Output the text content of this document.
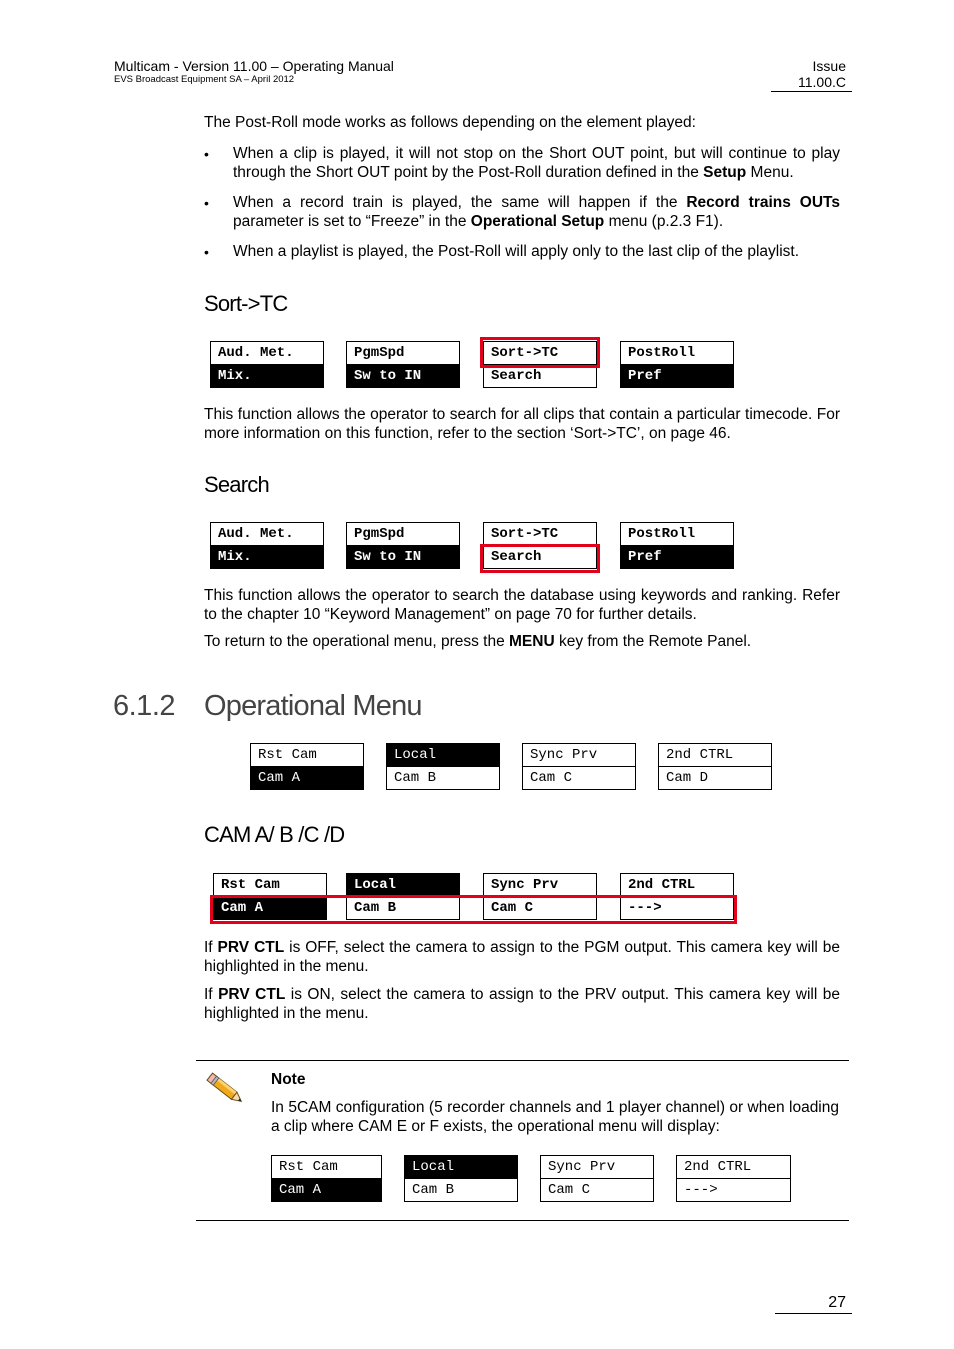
Multicam - Version 11.00 – Operating Manual
EVS Broadcast Equipment SA – April 2012
Issue
11.00.C
The Post-Roll mode works as follows depending on the element played:
• When a clip is played, it will not stop on the Short OUT point, but will continue to play through the Short OUT point by the Post-Roll duration defined in the Setup Menu.
• When a record train is played, the same will happen if the Record trains OUTs parameter is set to “Freeze” in the Operational Setup menu (p.2.3 F1).
• When a playlist is played, the Post-Roll will apply only to the last clip of the playlist.
Sort->TC
Aud. Met.
Mix.
PgmSpd
Sw to IN
Sort->TC
Search
PostRoll
Pref
This function allows the operator to search for all clips that contain a particular timecode. For more information on this function, refer to the section ‘Sort->TC’, on page 46.
Search
Aud. Met.
Mix.
PgmSpd
Sw to IN
Sort->TC
Search
PostRoll
Pref
This function allows the operator to search the database using keywords and ranking. Refer to the chapter 10 “Keyword Management” on page 70 for further details.
To return to the operational menu, press the MENU key from the Remote Panel.
6.1.2 Operational Menu
Rst Cam
Cam A
Local
Cam B
Sync Prv
Cam C
2nd CTRL
Cam D
CAM A/ B /C /D
Rst Cam
Cam A
Local
Cam B
Sync Prv
Cam C
2nd CTRL
--->
If PRV CTL is OFF, select the camera to assign to the PGM output. This camera key will be highlighted in the menu.
If PRV CTL is ON, select the camera to assign to the PRV output. This camera key will be highlighted in the menu.
Note
In 5CAM configuration (5 recorder channels and 1 player channel) or when loading a clip where CAM E or F exists, the operational menu will display:
Rst Cam
Cam A
Local
Cam B
Sync Prv
Cam C
2nd CTRL
--->
27
